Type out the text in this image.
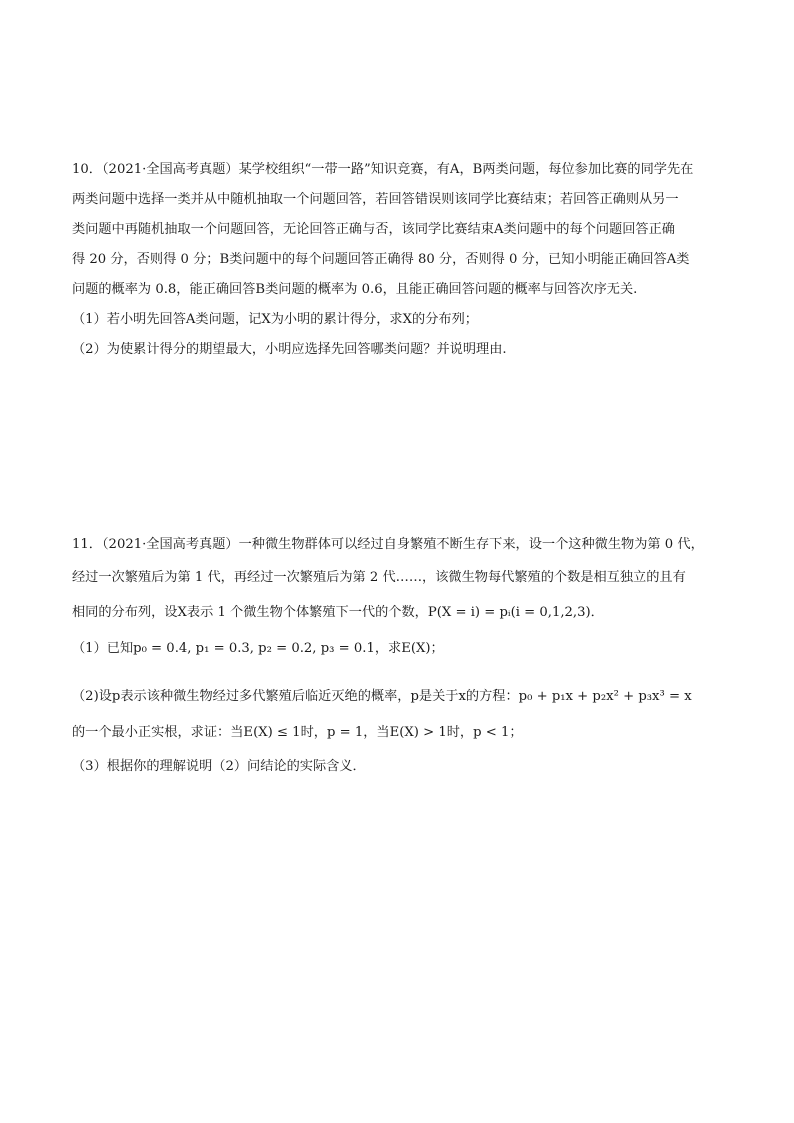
10．（2021·全国高考真题）某学校组织“一带一路”知识竞赛，有A，B两类问题，每位参加比赛的同学先在
两类问题中选择一类并从中随机抽取一个问题回答，若回答错误则该同学比赛结束；若回答正确则从另一
类问题中再随机抽取一个问题回答，无论回答正确与否，该同学比赛结束A类问题中的每个问题回答正确
得 20 分，否则得 0 分；B类问题中的每个问题回答正确得 80 分，否则得 0 分，已知小明能正确回答A类
问题的概率为 0.8，能正确回答B类问题的概率为 0.6，且能正确回答问题的概率与回答次序无关.
（1）若小明先回答A类问题，记X为小明的累计得分，求X的分布列；
（2）为使累计得分的期望最大，小明应选择先回答哪类问题？并说明理由.
11．（2021·全国高考真题）一种微生物群体可以经过自身繁殖不断生存下来，设一个这种微生物为第 0 代，
经过一次繁殖后为第 1 代，再经过一次繁殖后为第 2 代……，该微生物每代繁殖的个数是相互独立的且有
相同的分布列，设X表示 1 个微生物个体繁殖下一代的个数，P(X = i) = pᵢ(i = 0,1,2,3)．
（1）已知p₀ = 0.4, p₁ = 0.3, p₂ = 0.2, p₃ = 0.1，求E(X)；
（2)设p表示该种微生物经过多代繁殖后临近灭绝的概率，p是关于x的方程：p₀ + p₁x + p₂x² + p₃x³ = x
的一个最小正实根，求证：当E(X) ≤ 1时，p = 1，当E(X) > 1时，p < 1；
（3）根据你的理解说明（2）问结论的实际含义．
